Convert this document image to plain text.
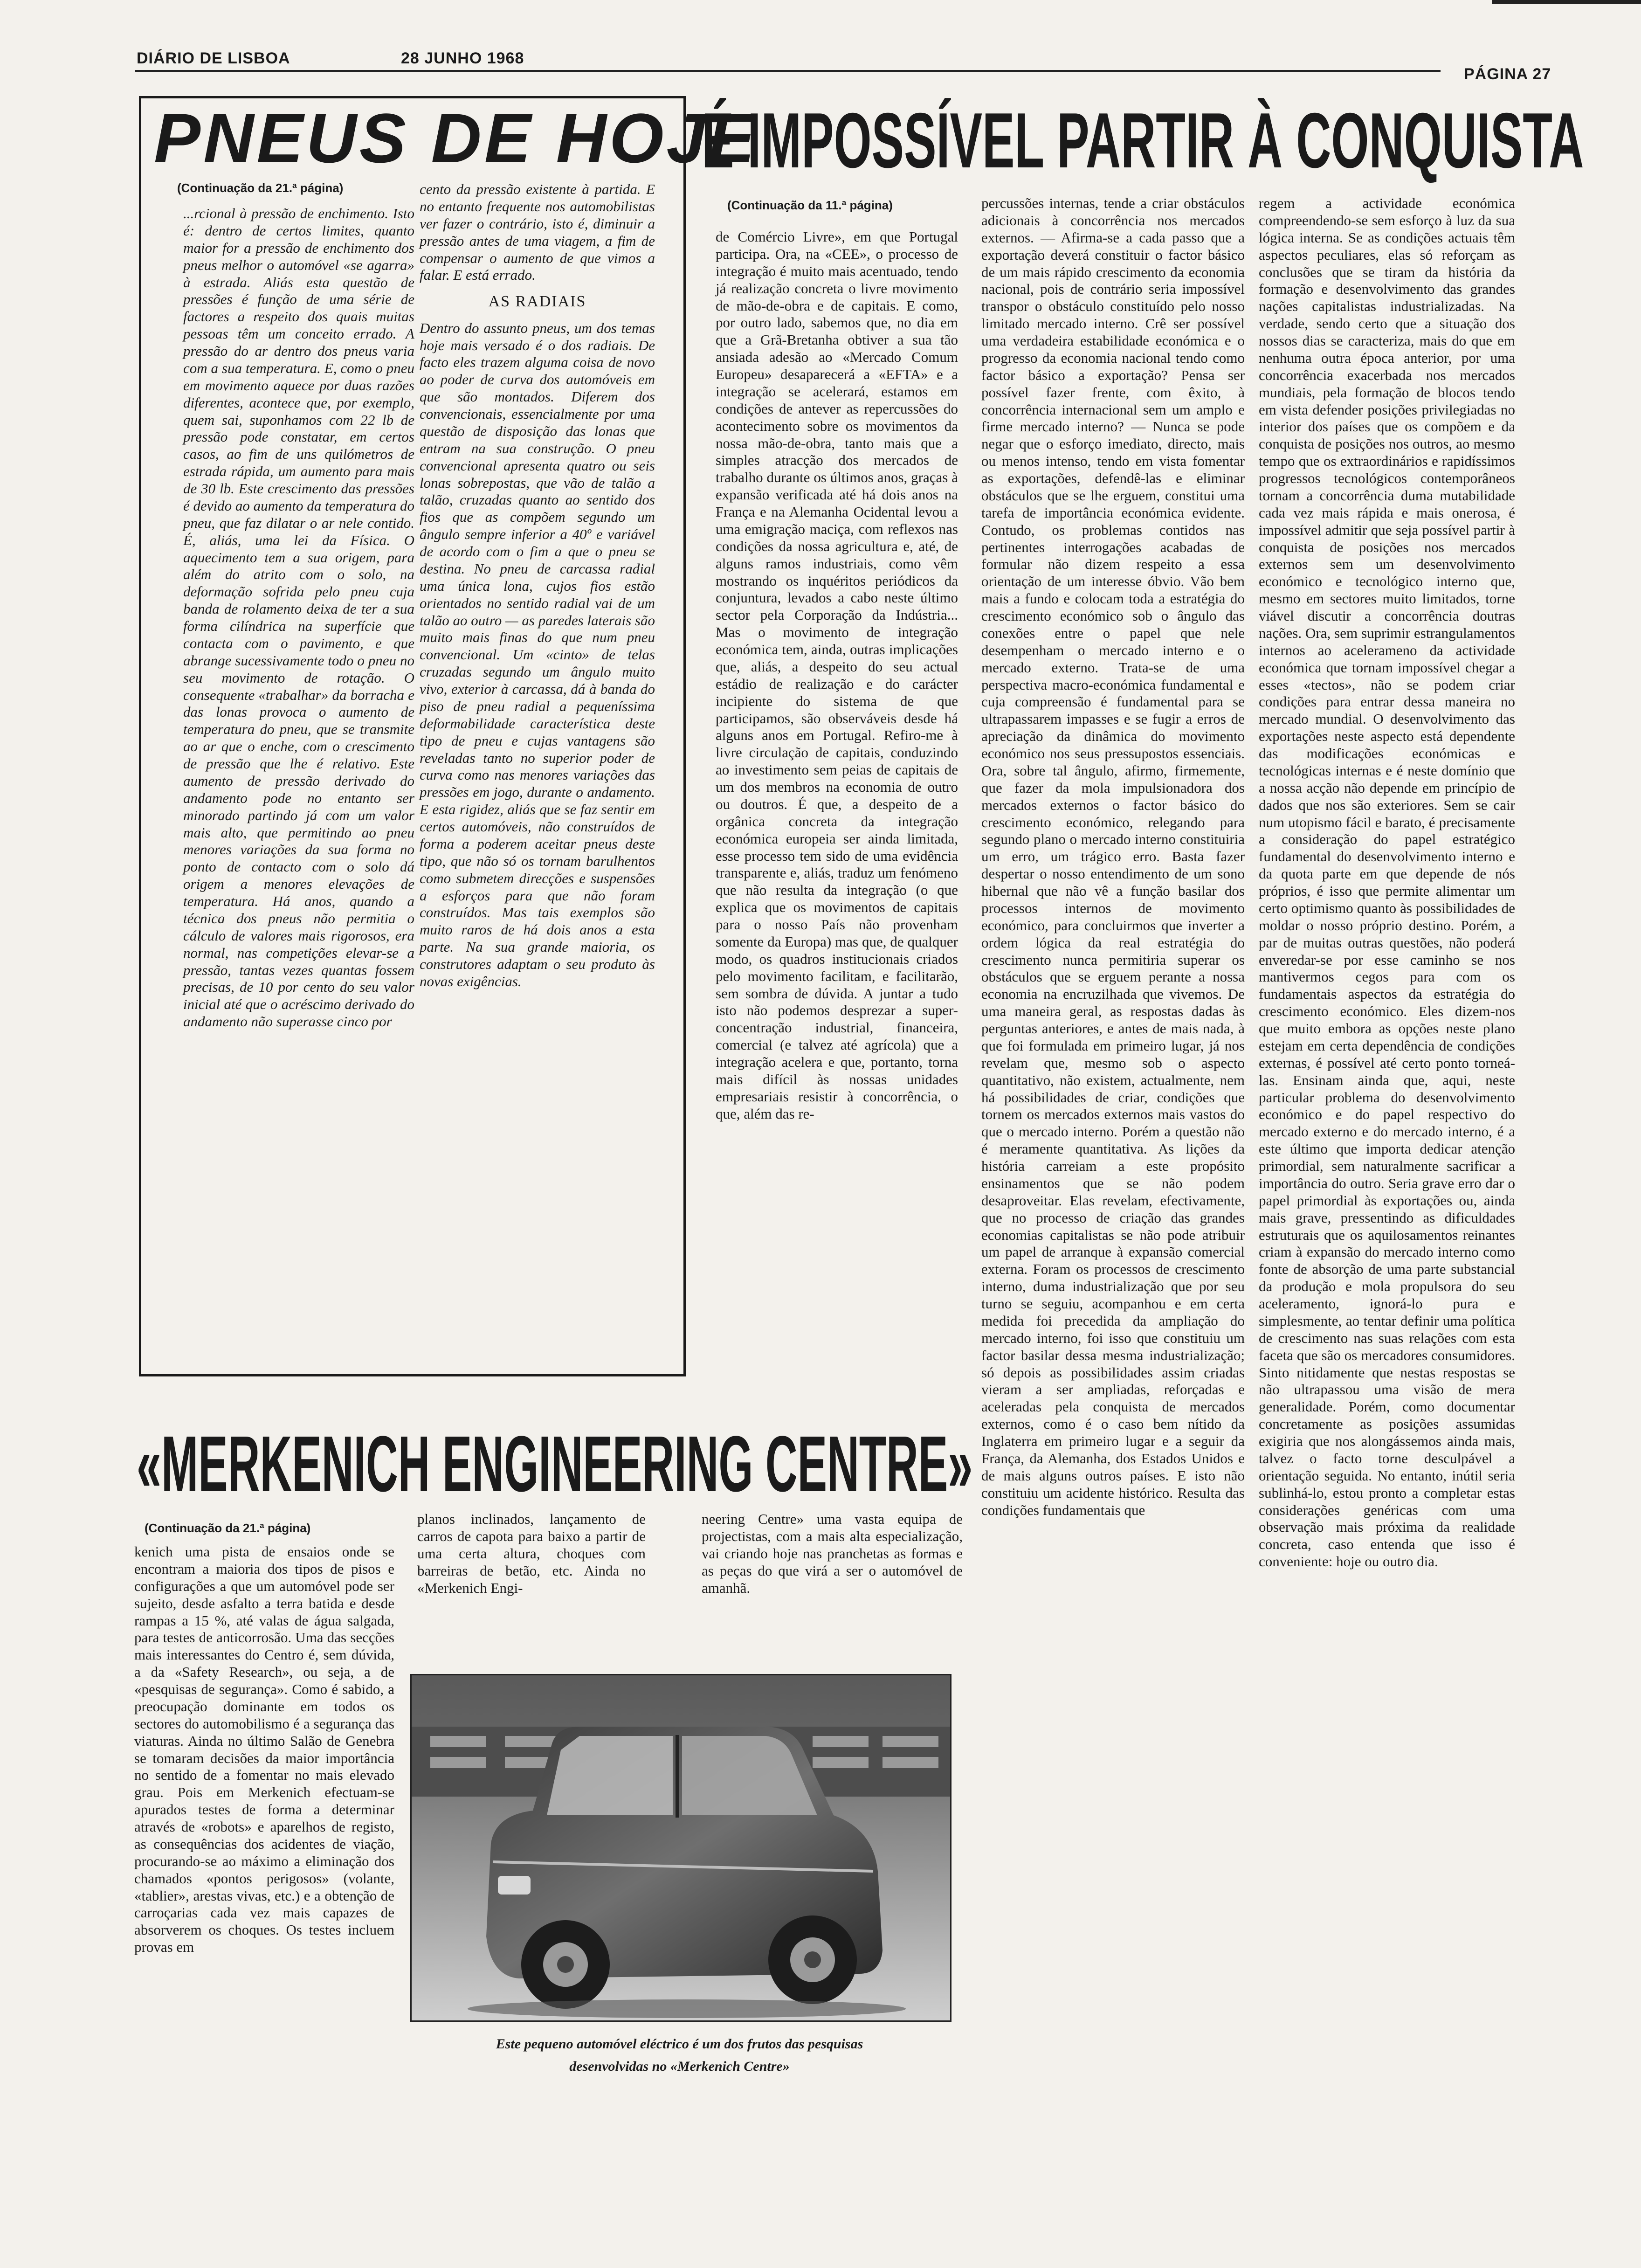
DIÁRIO DE LISBOA	28 JUNHO 1968
PÁGINA 27
PNEUS DE HOJE
(Continuação da 21.ª página)

...rcional à pressão de enchimento. Isto é: dentro de certos limites, quanto maior for a pressão de enchimento dos pneus melhor o automóvel «se agarra» à estrada. Aliás esta questão de pressões é função de uma série de factores a respeito dos quais muitas pessoas têm um conceito errado. A pressão do ar dentro dos pneus varia com a sua temperatura. E, como o pneu em movimento aquece por duas razões diferentes, acontece que, por exemplo, quem sai, suponhamos com 22 lb de pressão pode constatar, em certos casos, ao fim de uns quilómetros de estrada rápida, um aumento para mais de 30 lb. Este crescimento das pressões é devido ao aumento da temperatura do pneu, que faz dilatar o ar nele contido. É, aliás, uma lei da Física. O aquecimento tem a sua origem, para além do atrito com o solo, na deformação sofrida pelo pneu cuja banda de rolamento deixa de ter a sua forma cilíndrica na superfície que contacta com o pavimento, e que abrange sucessivamente todo o pneu no seu movimento de rotação. O consequente «trabalhar» da borracha e das lonas provoca o aumento de temperatura do pneu, que se transmite ao ar que o enche, com o crescimento de pressão que lhe é relativo. Este aumento de pressão derivado do andamento pode no entanto ser minorado partindo já com um valor mais alto, que permitindo ao pneu menores variações da sua forma no ponto de contacto com o solo dá origem a menores elevações de temperatura. Há anos, quando a técnica dos pneus não permitia o cálculo de valores mais rigorosos, era normal, nas competições elevar-se a pressão, tantas vezes quantas fossem precisas, de 10 por cento do seu valor inicial até que o acréscimo derivado do andamento não superasse cinco por

cento da pressão existente à partida. E no entanto frequente nos automobilistas ver fazer o contrário, isto é, diminuir a pressão antes de uma viagem, a fim de compensar o aumento de que vimos a falar. E está errado.

AS RADIAIS

Dentro do assunto pneus, um dos temas hoje mais versado é o dos radiais. De facto eles trazem alguma coisa de novo ao poder de curva dos automóveis em que são montados. Diferem dos convencionais, essencialmente por uma questão de disposição das lonas que entram na sua construção. O pneu convencional apresenta quatro ou seis lonas sobrepostas, que vão de talão a talão, cruzadas quanto ao sentido dos fios que as compõem segundo um ângulo sempre inferior a 40º e variável de acordo com o fim a que o pneu se destina. No pneu de carcassa radial uma única lona, cujos fios estão orientados no sentido radial vai de um talão ao outro — as paredes laterais são muito mais finas do que num pneu convencional. Um «cinto» de telas cruzadas segundo um ângulo muito vivo, exterior à carcassa, dá à banda do piso de pneu radial a pequeníssima deformabilidade característica deste tipo de pneu e cujas vantagens são reveladas tanto no superior poder de curva como nas menores variações das pressões em jogo, durante o andamento. E esta rigidez, aliás que se faz sentir em certos automóveis, não construídos de forma a poderem aceitar pneus deste tipo, que não só os tornam barulhentos como submetem direcções e suspensões a esforços para que não foram construídos. Mas tais exemplos são muito raros de há dois anos a esta parte. Na sua grande maioria, os construtores adaptam o seu produto às novas exigências.

É IMPOSSÍVEL PARTIR À CONQUISTA
(Continuação da 11.ª página)

de Comércio Livre», em que Portugal participa. Ora, na «CEE», o processo de integração é muito mais acentuado, tendo já realização concreta o livre movimento de mão-de-obra e de capitais. E como, por outro lado, sabemos que, no dia em que a Grã-Bretanha obtiver a sua tão ansiada adesão ao «Mercado Comum Europeu» desaparecerá a «EFTA» e a integração se acelerará, estamos em condições de antever as repercussões do acontecimento sobre os movimentos da nossa mão-de-obra, tanto mais que a simples atracção dos mercados de trabalho durante os últimos anos, graças à expansão verificada até há dois anos na França e na Alemanha Ocidental levou a uma emigração maciça, com reflexos nas condições da nossa agricultura e, até, de alguns ramos industriais, como vêm mostrando os inquéritos periódicos da conjuntura, levados a cabo neste último sector pela Corporação da Indústria... Mas o movimento de integração económica tem, ainda, outras implicações que, aliás, a despeito do seu actual estádio de realização e do carácter incipiente do sistema de que participamos, são observáveis desde há alguns anos em Portugal. Refiro-me à livre circulação de capitais, conduzindo ao investimento sem peias de capitais de um dos membros na economia de outro ou doutros. É que, a despeito de a orgânica concreta da integração económica europeia ser ainda limitada, esse processo tem sido de uma evidência transparente e, aliás, traduz um fenómeno que não resulta da integração (o que explica que os movimentos de capitais para o nosso País não provenham somente da Europa) mas que, de qualquer modo, os quadros institucionais criados pelo movimento facilitam, e facilitarão, sem sombra de dúvida. A juntar a tudo isto não podemos desprezar a super-concentração industrial, financeira, comercial (e talvez até agrícola) que a integração acelera e que, portanto, torna mais difícil às nossas unidades empresariais resistir à concorrência, o que, além das re-

percussões internas, tende a criar obstáculos adicionais à concorrência nos mercados externos. — Afirma-se a cada passo que a exportação deverá constituir o factor básico de um mais rápido crescimento da economia nacional, pois de contrário seria impossível transpor o obstáculo constituído pelo nosso limitado mercado interno. Crê ser possível uma verdadeira estabilidade económica e o progresso da economia nacional tendo como factor básico a exportação? Pensa ser possível fazer frente, com êxito, à concorrência internacional sem um amplo e firme mercado interno? — Nunca se pode negar que o esforço imediato, directo, mais ou menos intenso, tendo em vista fomentar as exportações, defendê-las e eliminar obstáculos que se lhe erguem, constitui uma tarefa de importância económica evidente. Contudo, os problemas contidos nas pertinentes interrogações acabadas de formular não dizem respeito a essa orientação de um interesse óbvio. Vão bem mais a fundo e colocam toda a estratégia do crescimento económico sob o ângulo das conexões entre o papel que nele desempenham o mercado interno e o mercado externo. Trata-se de uma perspectiva macro-económica fundamental e cuja compreensão é fundamental para se ultrapassarem impasses e se fugir a erros de apreciação da dinâmica do movimento económico nos seus pressupostos essenciais. Ora, sobre tal ângulo, afirmo, firmemente, que fazer da mola impulsionadora dos mercados externos o factor básico do crescimento económico, relegando para segundo plano o mercado interno constituiria um erro, um trágico erro. Basta fazer despertar o nosso entendimento de um sono hibernal que não vê a função basilar dos processos internos de movimento económico, para concluirmos que inverter a ordem lógica da real estratégia do crescimento nunca permitiria superar os obstáculos que se erguem perante a nossa economia na encruzilhada que vivemos. De uma maneira geral, as respostas dadas às perguntas anteriores, e antes de mais nada, à que foi formulada em primeiro lugar, já nos revelam que, mesmo sob o aspecto quantitativo, não existem, actualmente, nem há possibilidades de criar, condições que tornem os mercados externos mais vastos do que o mercado interno. Porém a questão não é meramente quantitativa. As lições da história carreiam a este propósito ensinamentos que se não podem desaproveitar. Elas revelam, efectivamente, que no processo de criação das grandes economias capitalistas se não pode atribuir um papel de arranque à expansão comercial externa. Foram os processos de crescimento interno, duma industrialização que por seu turno se seguiu, acompanhou e em certa medida foi precedida da ampliação do mercado interno, foi isso que constituiu um factor basilar dessa mesma industrialização; só depois as possibilidades assim criadas vieram a ser ampliadas, reforçadas e aceleradas pela conquista de mercados externos, como é o caso bem nítido da Inglaterra em primeiro lugar e a seguir da França, da Alemanha, dos Estados Unidos e de mais alguns outros países. E isto não constituiu um acidente histórico. Resulta das condições fundamentais que

regem a actividade económica compreendendo-se sem esforço à luz da sua lógica interna. Se as condições actuais têm aspectos peculiares, elas só reforçam as conclusões que se tiram da história da formação e desenvolvimento das grandes nações capitalistas industrializadas. Na verdade, sendo certo que a situação dos nossos dias se caracteriza, mais do que em nenhuma outra época anterior, por uma concorrência exacerbada nos mercados mundiais, pela formação de blocos tendo em vista defender posições privilegiadas no interior dos países que os compõem e da conquista de posições nos outros, ao mesmo tempo que os extraordinários e rapidíssimos progressos tecnológicos contemporâneos tornam a concorrência duma mutabilidade cada vez mais rápida e mais onerosa, é impossível admitir que seja possível partir à conquista de posições nos mercados externos sem um desenvolvimento económico e tecnológico interno que, mesmo em sectores muito limitados, torne viável discutir a concorrência doutras nações. Ora, sem suprimir estrangulamentos internos ao acelerameno da actividade económica que tornam impossível chegar a esses «tectos», não se podem criar condições para entrar dessa maneira no mercado mundial. O desenvolvimento das exportações neste aspecto está dependente das modificações económicas e tecnológicas internas e é neste domínio que a nossa acção não depende em princípio de dados que nos são exteriores. Sem se cair num utopismo fácil e barato, é precisamente a consideração do papel estratégico fundamental do desenvolvimento interno e da quota parte em que depende de nós próprios, é isso que permite alimentar um certo optimismo quanto às possibilidades de moldar o nosso próprio destino. Porém, a par de muitas outras questões, não poderá enveredar-se por esse caminho se nos mantivermos cegos para com os fundamentais aspectos da estratégia do crescimento económico. Eles dizem-nos que muito embora as opções neste plano estejam em certa dependência de condições externas, é possível até certo ponto torneá-las. Ensinam ainda que, aqui, neste particular problema do desenvolvimento económico e do papel respectivo do mercado externo e do mercado interno, é a este último que importa dedicar atenção primordial, sem naturalmente sacrificar a importância do outro. Seria grave erro dar o papel primordial às exportações ou, ainda mais grave, pressentindo as dificuldades estruturais que os aquilosamentos reinantes criam à expansão do mercado interno como fonte de absorção de uma parte substancial da produção e mola propulsora do seu aceleramento, ignorá-lo pura e simplesmente, ao tentar definir uma política de crescimento nas suas relações com esta faceta que são os mercadores consumidores. Sinto nitidamente que nestas respostas se não ultrapassou uma visão de mera generalidade. Porém, como documentar concretamente as posições assumidas exigiria que nos alongássemos ainda mais, talvez o facto torne desculpável a orientação seguida. No entanto, inútil seria sublinhá-lo, estou pronto a completar estas considerações genéricas com uma observação mais próxima da realidade concreta, caso entenda que isso é conveniente: hoje ou outro dia.

«MERKENICH ENGINEERING CENTRE»
(Continuação da 21.ª página)

kenich uma pista de ensaios onde se encontram a maioria dos tipos de pisos e configurações a que um automóvel pode ser sujeito, desde asfalto a terra batida e desde rampas a 15 %, até valas de água salgada, para testes de anticorrosão. Uma das secções mais interessantes do Centro é, sem dúvida, a da «Safety Research», ou seja, a de «pesquisas de segurança». Como é sabido, a preocupação dominante em todos os sectores do automobilismo é a segurança das viaturas. Ainda no último Salão de Genebra se tomaram decisões da maior importância no sentido de a fomentar no mais elevado grau. Pois em Merkenich efectuam-se apurados testes de forma a determinar através de «robots» e aparelhos de registo, as consequências dos acidentes de viação, procurando-se ao máximo a eliminação dos chamados «pontos perigosos» (volante, «tablier», arestas vivas, etc.) e a obtenção de carroçarias cada vez mais capazes de absorverem os choques. Os testes incluem provas em

planos inclinados, lançamento de carros de capota para baixo a partir de uma certa altura, choques com barreiras de betão, etc. Ainda no «Merkenich Engi-

neering Centre» uma vasta equipa de projectistas, com a mais alta especialização, vai criando hoje nas pranchetas as formas e as peças do que virá a ser o automóvel de amanhã.

Este pequeno automóvel eléctrico é um dos frutos das pesquisas
desenvolvidas no «Merkenich Centre»
